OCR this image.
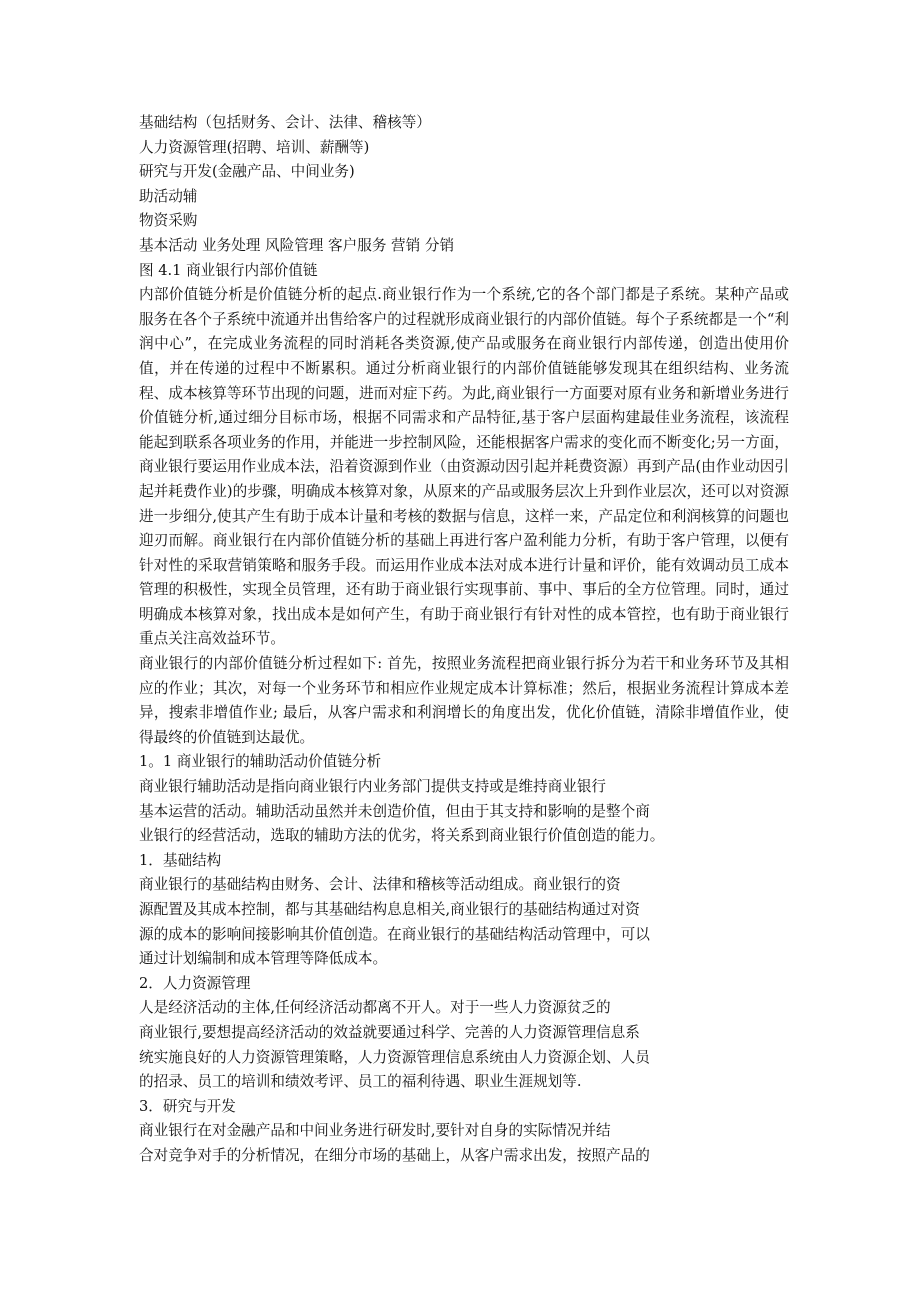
基础结构（包括财务、会计、法律、稽核等）
人力资源管理(招聘、培训、薪酬等)
研究与开发(金融产品、中间业务)
助活动辅
物资采购
基本活动 业务处理 风险管理 客户服务 营销 分销
图 4.1 商业银行内部价值链

内部价值链分析是价值链分析的起点.商业银行作为一个系统,它的各个部门都是子系统。某种产品或服务在各个子系统中流通并出售给客户的过程就形成商业银行的内部价值链。每个子系统都是一个“利润中心”，在完成业务流程的同时消耗各类资源,使产品或服务在商业银行内部传递，创造出使用价值，并在传递的过程中不断累积。通过分析商业银行的内部价值链能够发现其在组织结构、业务流程、成本核算等环节出现的问题，进而对症下药。为此,商业银行一方面要对原有业务和新增业务进行价值链分析,通过细分目标市场，根据不同需求和产品特征,基于客户层面构建最佳业务流程，该流程能起到联系各项业务的作用，并能进一步控制风险，还能根据客户需求的变化而不断变化;另一方面，商业银行要运用作业成本法，沿着资源到作业（由资源动因引起并耗费资源）再到产品(由作业动因引起并耗费作业)的步骤，明确成本核算对象，从原来的产品或服务层次上升到作业层次，还可以对资源进一步细分,使其产生有助于成本计量和考核的数据与信息，这样一来，产品定位和利润核算的问题也迎刃而解。商业银行在内部价值链分析的基础上再进行客户盈利能力分析，有助于客户管理，以便有针对性的采取营销策略和服务手段。而运用作业成本法对成本进行计量和评价，能有效调动员工成本管理的积极性，实现全员管理，还有助于商业银行实现事前、事中、事后的全方位管理。同时，通过明确成本核算对象，找出成本是如何产生，有助于商业银行有针对性的成本管控，也有助于商业银行重点关注高效益环节。

商业银行的内部价值链分析过程如下: 首先，按照业务流程把商业银行拆分为若干和业务环节及其相应的作业；其次，对每一个业务环节和相应作业规定成本计算标准；然后，根据业务流程计算成本差异，搜索非增值作业; 最后，从客户需求和利润增长的角度出发，优化价值链，清除非增值作业，使得最终的价值链到达最优。

1。1 商业银行的辅助活动价值链分析
商业银行辅助活动是指向商业银行内业务部门提供支持或是维持商业银行
基本运营的活动。辅助活动虽然并未创造价值，但由于其支持和影响的是整个商
业银行的经营活动，选取的辅助方法的优劣，将关系到商业银行价值创造的能力。
1．基础结构
商业银行的基础结构由财务、会计、法律和稽核等活动组成。商业银行的资
源配置及其成本控制，都与其基础结构息息相关,商业银行的基础结构通过对资
源的成本的影响间接影响其价值创造。在商业银行的基础结构活动管理中，可以
通过计划编制和成本管理等降低成本。
2．人力资源管理
人是经济活动的主体,任何经济活动都离不开人。对于一些人力资源贫乏的
商业银行,要想提高经济活动的效益就要通过科学、完善的人力资源管理信息系
统实施良好的人力资源管理策略，人力资源管理信息系统由人力资源企划、人员
的招录、员工的培训和绩效考评、员工的福利待遇、职业生涯规划等.
3．研究与开发
商业银行在对金融产品和中间业务进行研发时,要针对自身的实际情况并结
合对竞争对手的分析情况，在细分市场的基础上，从客户需求出发，按照产品的
